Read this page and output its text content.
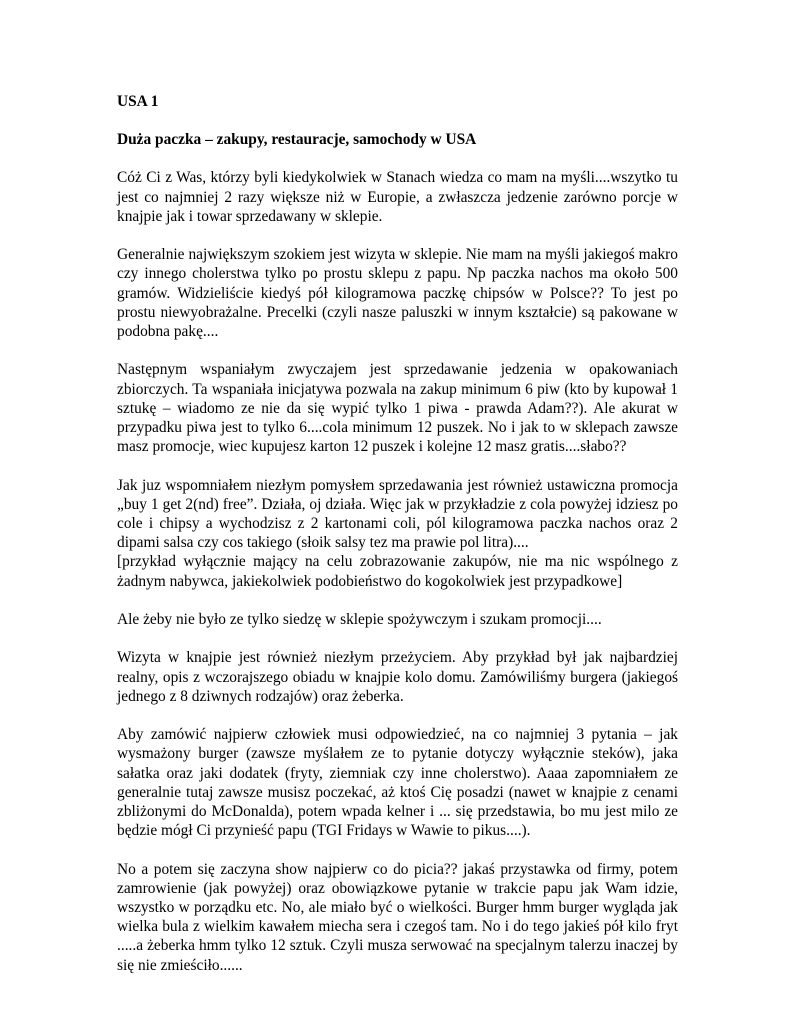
USA 1

Duża paczka – zakupy, restauracje, samochody w USA

Cóż Ci z Was, którzy byli kiedykolwiek w Stanach wiedza co mam na myśli....wszytko tu jest co najmniej 2 razy większe niż w Europie, a zwłaszcza jedzenie zarówno porcje w knajpie jak i towar sprzedawany w sklepie.

Generalnie największym szokiem jest wizyta w sklepie. Nie mam na myśli jakiegoś makro czy innego cholerstwa tylko po prostu sklepu z papu. Np paczka nachos ma około 500 gramów. Widzieliście kiedyś pół kilogramowa paczkę chipsów w Polsce?? To jest po prostu niewyobrażalne. Precelki (czyli nasze paluszki w innym kształcie) są pakowane w podobna pakę....

Następnym wspaniałym zwyczajem jest sprzedawanie jedzenia w opakowaniach zbiorczych. Ta wspaniała inicjatywa pozwala na zakup minimum 6 piw (kto by kupował 1 sztukę – wiadomo ze nie da się wypić tylko 1 piwa - prawda Adam??). Ale akurat w przypadku piwa jest to tylko 6....cola minimum 12 puszek. No i jak to w sklepach zawsze masz promocje, wiec kupujesz karton 12 puszek i kolejne 12 masz gratis....słabo??

Jak juz wspomniałem niezłym pomysłem sprzedawania jest również ustawiczna promocja „buy 1 get 2(nd) free”. Działa, oj działa. Więc jak w przykładzie z cola powyżej idziesz po cole i chipsy a wychodzisz z 2 kartonami coli, pól kilogramowa paczka nachos oraz 2 dipami salsa czy cos takiego (słoik salsy tez ma prawie pol litra)....
[przykład wyłącznie mający na celu zobrazowanie zakupów, nie ma nic wspólnego z żadnym nabywca, jakiekolwiek podobieństwo do kogokolwiek jest przypadkowe]

Ale żeby nie było ze tylko siedzę w sklepie spożywczym i szukam promocji....

Wizyta w knajpie jest również niezłym przeżyciem. Aby przykład był jak najbardziej realny, opis z wczorajszego obiadu w knajpie kolo domu. Zamówiliśmy burgera (jakiegoś jednego z 8 dziwnych rodzajów) oraz żeberka.

Aby zamówić najpierw człowiek musi odpowiedzieć, na co najmniej 3 pytania – jak wysmażony burger (zawsze myślałem ze to pytanie dotyczy wyłącznie steków), jaka sałatka oraz jaki dodatek (fryty, ziemniak czy inne cholerstwo). Aaaa zapomniałem ze generalnie tutaj zawsze musisz poczekać, aż ktoś Cię posadzi (nawet w knajpie z cenami zbliżonymi do McDonalda), potem wpada kelner i ... się przedstawia, bo mu jest milo ze będzie mógł Ci przynieść papu (TGI Fridays w Wawie to pikus....).

No a potem się zaczyna show najpierw co do picia?? jakaś przystawka od firmy, potem zamrowienie (jak powyżej) oraz obowiązkowe pytanie w trakcie papu jak Wam idzie, wszystko w porządku etc. No, ale miało być o wielkości. Burger hmm burger wygląda jak wielka bula z wielkim kawałem miecha sera i czegoś tam. No i do tego jakieś pół kilo fryt .....a żeberka hmm tylko 12 sztuk. Czyli musza serwować na specjalnym talerzu inaczej by się nie zmieściło......
